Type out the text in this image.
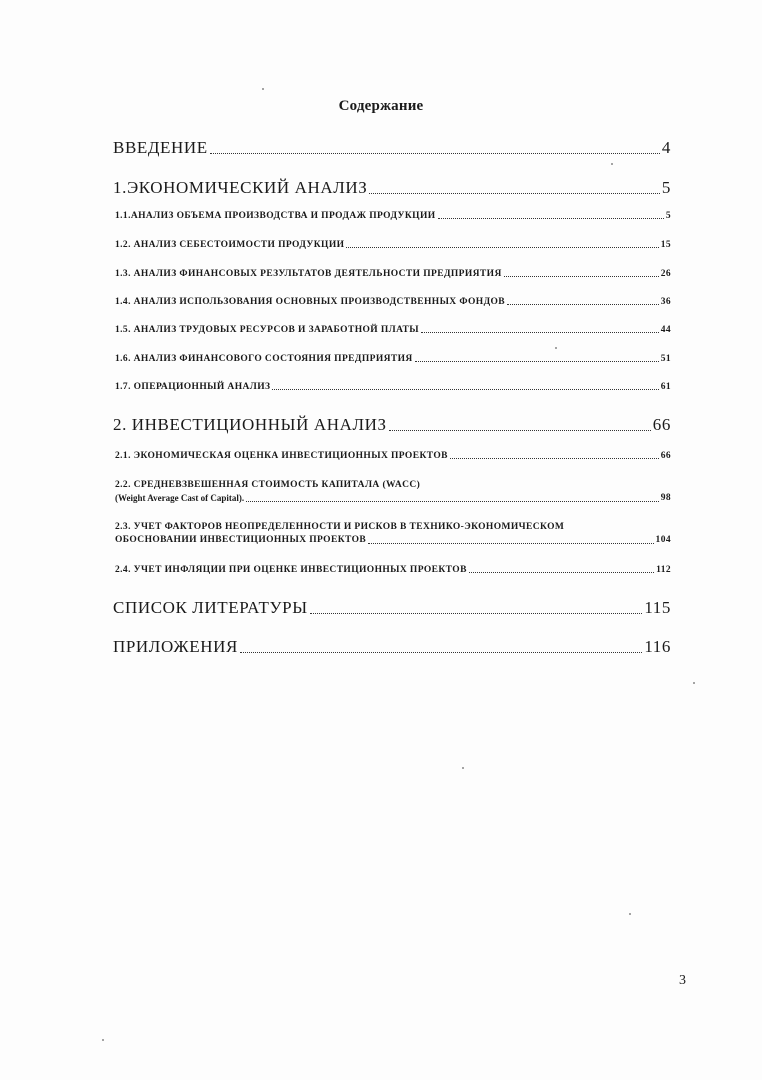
Содержание
ВВЕДЕНИЕ	4
1.ЭКОНОМИЧЕСКИЙ АНАЛИЗ	5
1.1.АНАЛИЗ ОБЪЕМА ПРОИЗВОДСТВА И ПРОДАЖ ПРОДУКЦИИ	5
1.2. АНАЛИЗ СЕБЕСТОИМОСТИ ПРОДУКЦИИ	15
1.3. АНАЛИЗ ФИНАНСОВЫХ РЕЗУЛЬТАТОВ ДЕЯТЕЛЬНОСТИ ПРЕДПРИЯТИЯ	26
1.4. АНАЛИЗ ИСПОЛЬЗОВАНИЯ ОСНОВНЫХ ПРОИЗВОДСТВЕННЫХ ФОНДОВ	36
1.5. АНАЛИЗ ТРУДОВЫХ РЕСУРСОВ И ЗАРАБОТНОЙ ПЛАТЫ	44
1.6. АНАЛИЗ ФИНАНСОВОГО СОСТОЯНИЯ ПРЕДПРИЯТИЯ	51
1.7. ОПЕРАЦИОННЫЙ АНАЛИЗ	61
2. ИНВЕСТИЦИОННЫЙ АНАЛИЗ	66
2.1. ЭКОНОМИЧЕСКАЯ ОЦЕНКА ИНВЕСТИЦИОННЫХ ПРОЕКТОВ	66
2.2. СРЕДНЕВЗВЕШЕННАЯ СТОИМОСТЬ КАПИТАЛА (WACC)
(Weight Average Cast of Capital).	98
2.3. УЧЕТ ФАКТОРОВ НЕОПРЕДЕЛЕННОСТИ И РИСКОВ В ТЕХНИКО-ЭКОНОМИЧЕСКОМ
ОБОСНОВАНИИ ИНВЕСТИЦИОННЫХ ПРОЕКТОВ	104
2.4. УЧЕТ ИНФЛЯЦИИ ПРИ ОЦЕНКЕ ИНВЕСТИЦИОННЫХ ПРОЕКТОВ	112
СПИСОК ЛИТЕРАТУРЫ	115
ПРИЛОЖЕНИЯ	116
3
